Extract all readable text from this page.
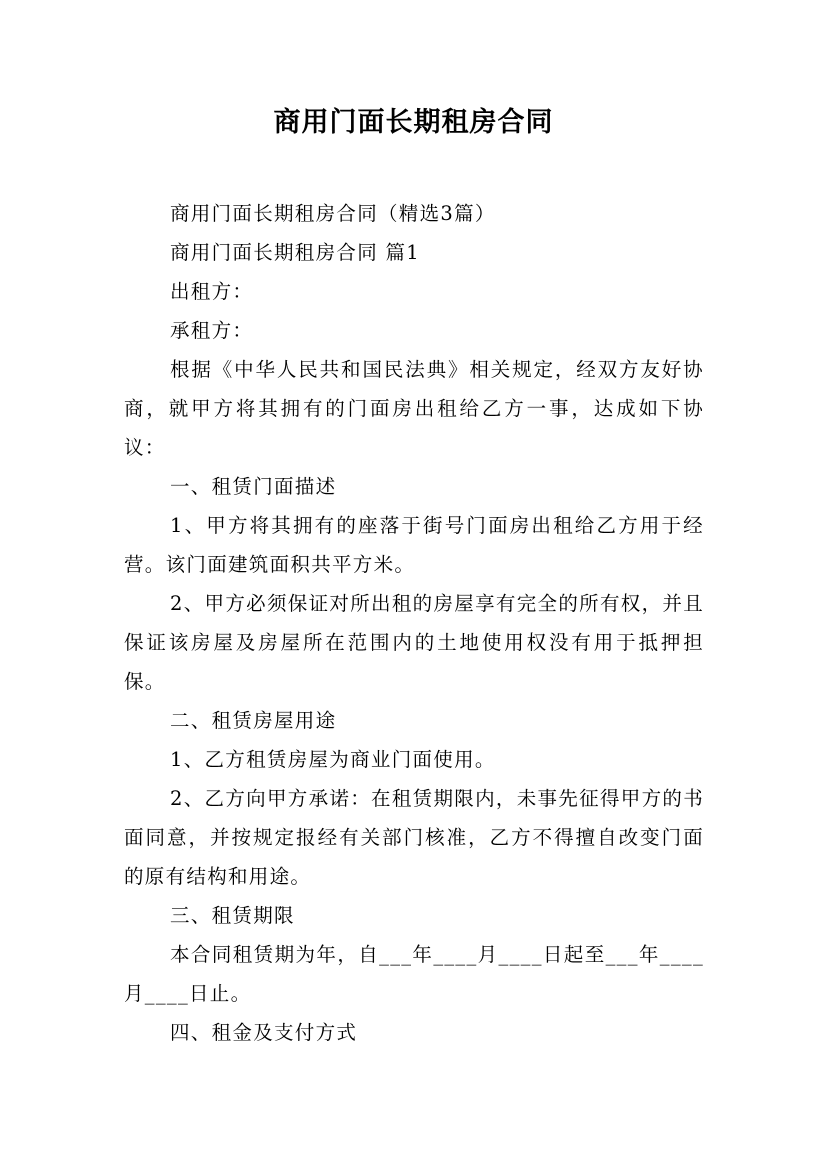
商用门面长期租房合同

商用门面长期租房合同（精选3篇）

商用门面长期租房合同 篇1

出租方：

承租方：

根据《中华人民共和国民法典》相关规定，经双方友好协商，就甲方将其拥有的门面房出租给乙方一事，达成如下协议：

一、租赁门面描述

1、甲方将其拥有的座落于街号门面房出租给乙方用于经营。该门面建筑面积共平方米。

2、甲方必须保证对所出租的房屋享有完全的所有权，并且保证该房屋及房屋所在范围内的土地使用权没有用于抵押担保。

二、租赁房屋用途

1、乙方租赁房屋为商业门面使用。

2、乙方向甲方承诺：在租赁期限内，未事先征得甲方的书面同意，并按规定报经有关部门核准，乙方不得擅自改变门面的原有结构和用途。

三、租赁期限

本合同租赁期为年，自___年____月____日起至___年____月____日止。

四、租金及支付方式
